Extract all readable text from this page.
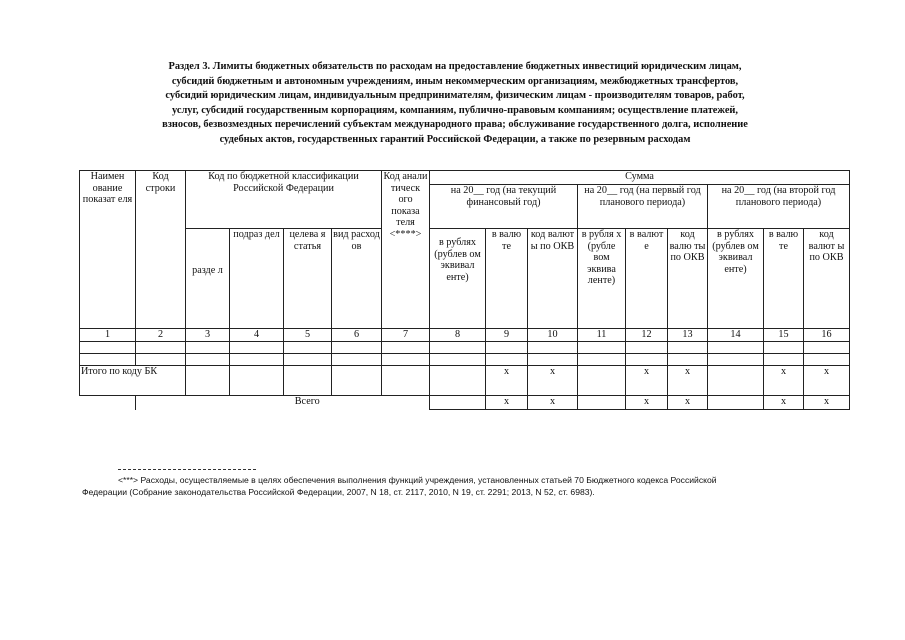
Раздел 3. Лимиты бюджетных обязательств по расходам на предоставление бюджетных инвестиций юридическим лицам,
субсидий бюджетным и автономным учреждениям, иным некоммерческим организациям, межбюджетных трансфертов,
субсидий юридическим лицам, индивидуальным предпринимателям, физическим лицам - производителям товаров, работ,
услуг, субсидий государственным корпорациям, компаниям, публично-правовым компаниям; осуществление платежей,
взносов, безвозмездных перечислений субъектам международного права; обслуживание государственного долга, исполнение
судебных актов, государственных гарантий Российской Федерации, а также по резервным расходам
Наимен ование показат еля	Код строки	Код по бюджетной классификации Российской Федерации				Код анали тическ ого показа теля <****>	Сумма								
							на 20__ год (на текущий финансовый год)			на 20__ год (на первый год планового периода)			на 20__ год (на второй год планового периода)		

		разде л	подраз дел	целева я статья	вид расход ов		в рублях (рублев ом эквивал енте)	в валю те	код валют ы по ОКВ	в рубля х (рубле вом эквива ленте)	в валют е	код валю ты по ОКВ	в рублях (рублев ом эквивал енте)	в валю те	код валют ы по ОКВ
1	2	3	4	5	6	7	8	9	10	11	12	13	14	15	16

Итого по коду БК								x	x		x	x		x	x
		Всего						x	x		x	x		x	x
<***> Расходы, осуществляемые в целях обеспечения выполнения функций учреждения, установленных статьей 70 Бюджетного кодекса Российской
Федерации (Собрание законодательства Российской Федерации, 2007, N 18, ст. 2117, 2010, N 19, ст. 2291; 2013, N 52, ст. 6983).
